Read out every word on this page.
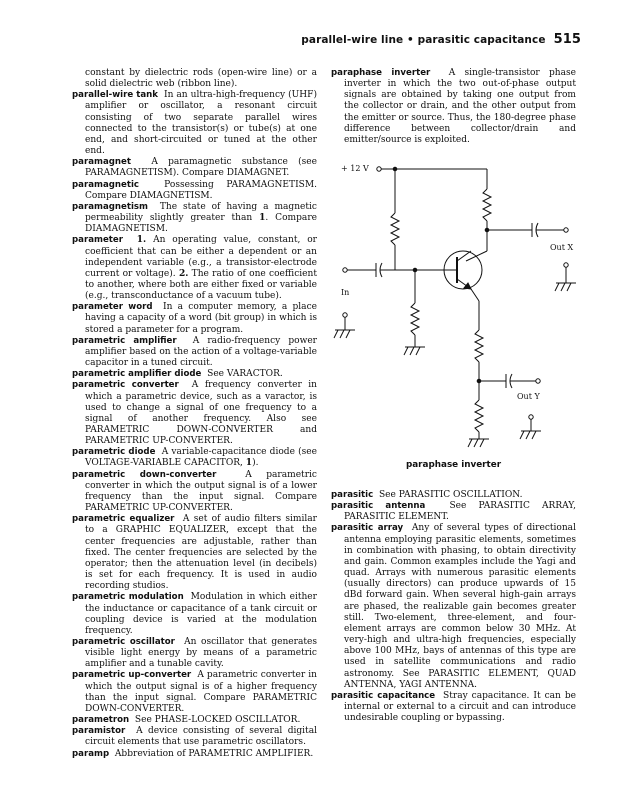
parallel-wire line • parasitic capacitance 515

constant by dielectric rods (open-wire line) or a solid dielectric web (ribbon line).

parallel-wire tank In an ultra-high-frequency (UHF) amplifier or oscillator, a resonant circuit consisting of two separate parallel wires connected to the transistor(s) or tube(s) at one end, and short-circuited or tuned at the other end.

paramagnet A paramagnetic substance (see PARAMAGNETISM). Compare DIAMAGNET.

paramagnetic	Possessing PARAMAGNETISM. Compare DIAMAGNETISM.

paramagnetism The state of having a magnetic permeability slightly greater than 1. Compare DIAMAGNETISM.

parameter 1. An operating value, constant, or coefficient that can be either a dependent or an independent variable (e.g., a transistor-electrode current or voltage). 2. The ratio of one coefficient to another, where both are either fixed or variable (e.g., transconductance of a vacuum tube).

parameter word In a computer memory, a place having a capacity of a word (bit group) in which is stored a parameter for a program.

parametric amplifier A radio-frequency power amplifier based on the action of a voltage-variable capacitor in a tuned circuit.

parametric amplifier diode See VARACTOR.

parametric converter A frequency converter in which a parametric device, such as a varactor, is used to change a signal of one frequency to a signal of another frequency. Also see PARAMETRIC DOWN-CONVERTER and PARAMETRIC UP-CONVERTER.

parametric diode A variable-capacitance diode (see VOLTAGE-VARIABLE CAPACITOR, 1).

parametric down-converter	A parametric converter in which the output signal is of a lower frequency than the input signal. Compare PARAMETRIC UP-CONVERTER.

parametric equalizer A set of audio filters similar to a GRAPHIC EQUALIZER, except that the center frequencies are adjustable, rather than fixed. The center frequencies are selected by the operator; then the attenuation level (in decibels) is set for each frequency. It is used in audio recording studios.

parametric modulation Modulation in which either the inductance or capacitance of a tank circuit or coupling device is varied at the modulation frequency.

parametric oscillator An oscillator that generates visible light energy by means of a parametric amplifier and a tunable cavity.

parametric up-converter A parametric converter in which the output signal is of a higher frequency than the input signal. Compare PARAMETRIC DOWN-CONVERTER.

parametron See PHASE-LOCKED OSCILLATOR.

paramistor A device consisting of several digital circuit elements that use parametric oscillators.

paramp Abbreviation of PARAMETRIC AMPLIFIER.

paraphase inverter A single-transistor phase inverter in which the two out-of-phase output signals are obtained by taking one output from the collector or drain, and the other output from the emitter or source. Thus, the 180-degree phase difference between collector/drain and emitter/source is exploited.

+ 12 V
In
Out X
Out Y
paraphase inverter

parasitic See PARASITIC OSCILLATION.

parasitic antenna	See PARASITIC ARRAY, PARASITIC ELEMENT.

parasitic array Any of several types of directional antenna employing parasitic elements, sometimes in combination with phasing, to obtain directivity and gain. Common examples include the Yagi and quad. Arrays with numerous parasitic elements (usually directors) can produce upwards of 15 dBd forward gain. When several high-gain arrays are phased, the realizable gain becomes greater still. Two-element, three-element, and four-element arrays are common below 30 MHz. At very-high and ultra-high frequencies, especially above 100 MHz, bays of antennas of this type are used in satellite communications and radio astronomy. See PARASITIC ELEMENT, QUAD ANTENNA, YAGI ANTENNA.

parasitic capacitance Stray capacitance. It can be internal or external to a circuit and can introduce undesirable coupling or bypassing.
